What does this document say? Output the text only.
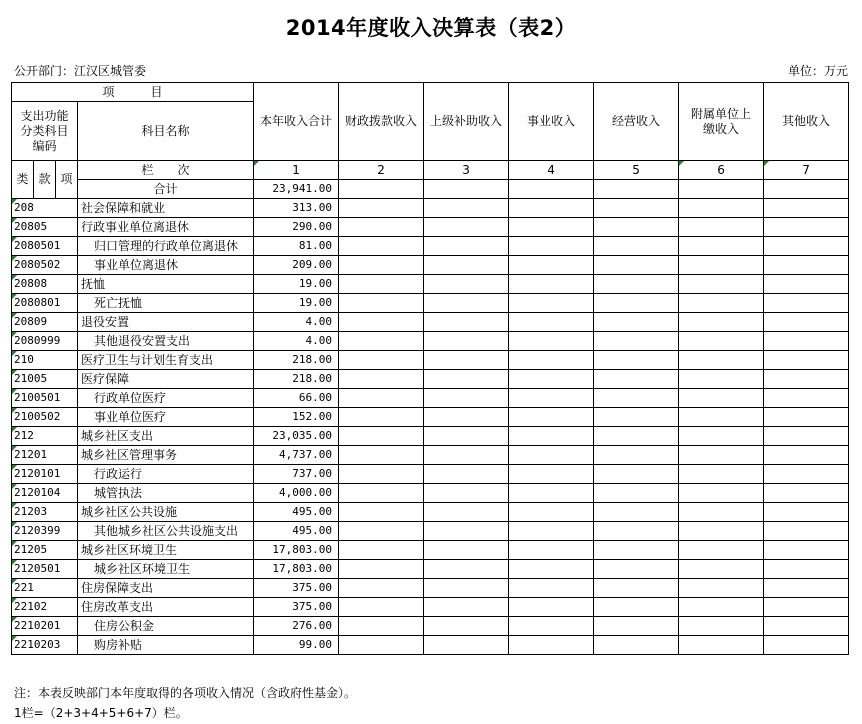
2014年度收入决算表（表2）
公开部门：江汉区城管委	单位：万元
项　　　目				本年收入合计	财政拨款收入	上级补助收入	事业收入	经营收入	附属单位上缴收入	其他收入
支出功能分类科目编码			科目名称							

类	款	项	栏　　次	1	2	3	4	5	6	7
			合计	23,941.00						
208			社会保障和就业	313.00						
20805			行政事业单位离退休	290.00						
2080501			归口管理的行政单位离退休	81.00						
2080502			事业单位离退休	209.00						
20808			抚恤	19.00						
2080801			死亡抚恤	19.00						
20809			退役安置	4.00						
2080999			其他退役安置支出	4.00						
210			医疗卫生与计划生育支出	218.00						
21005			医疗保障	218.00						
2100501			行政单位医疗	66.00						
2100502			事业单位医疗	152.00						
212			城乡社区支出	23,035.00						
21201			城乡社区管理事务	4,737.00						
2120101			行政运行	737.00						
2120104			城管执法	4,000.00						
21203			城乡社区公共设施	495.00						
2120399			其他城乡社区公共设施支出	495.00						
21205			城乡社区环境卫生	17,803.00						
2120501			城乡社区环境卫生	17,803.00						
221			住房保障支出	375.00						
22102			住房改革支出	375.00						
2210201			住房公积金	276.00						
2210203			购房补贴	99.00						
注：本表反映部门本年度取得的各项收入情况（含政府性基金）。
1栏=（2+3+4+5+6+7）栏。
